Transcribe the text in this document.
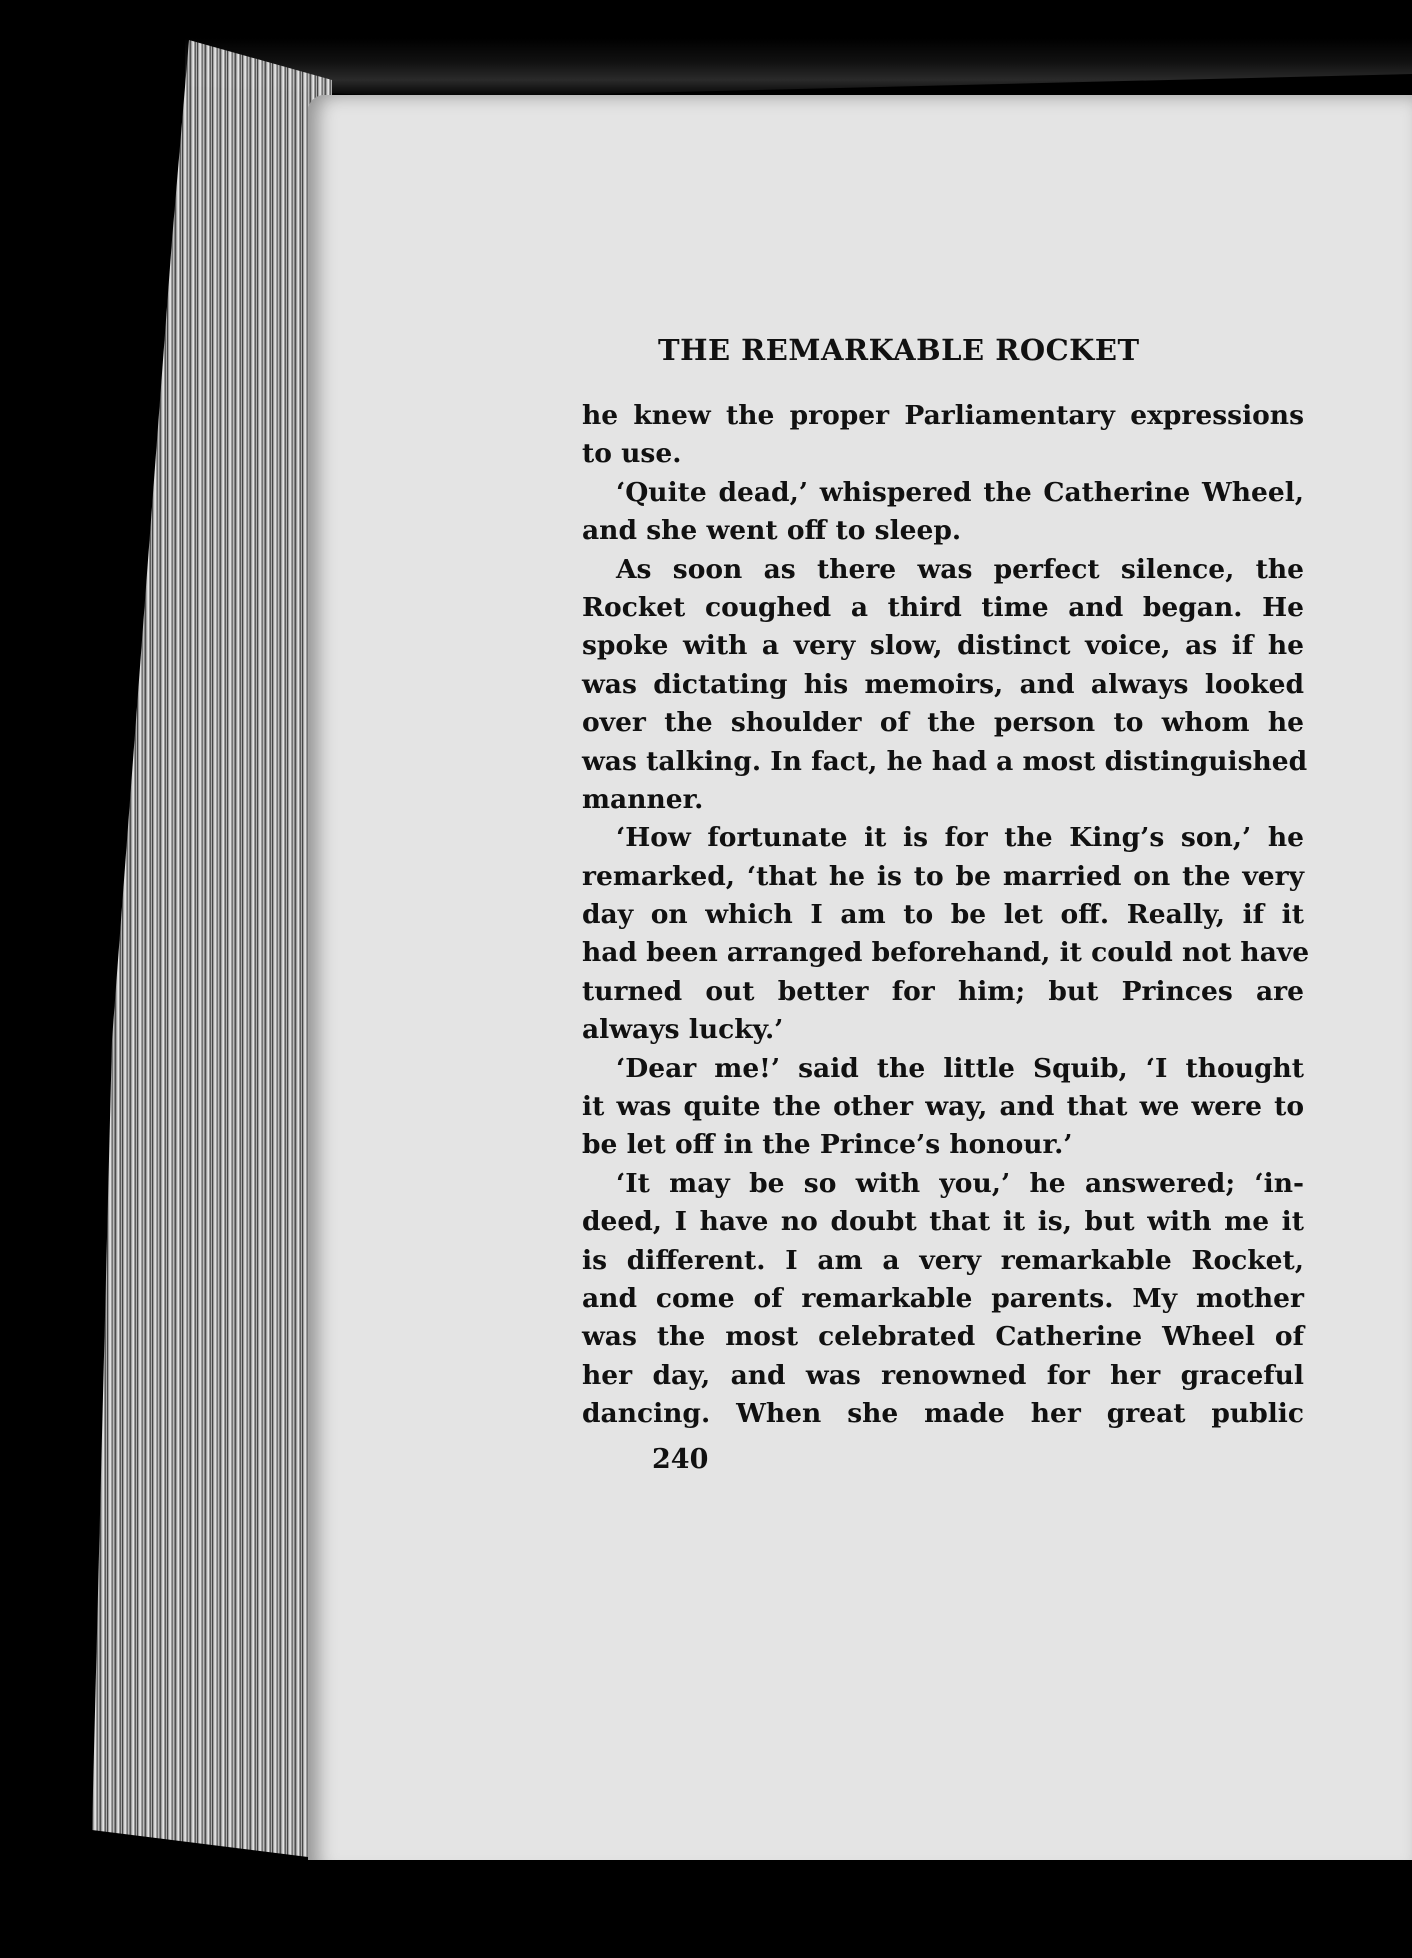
THE REMARKABLE ROCKET
he knew the proper Parliamentary expressions
to use.
‘Quite dead,’ whispered the Catherine Wheel,
and she went off to sleep.
As soon as there was perfect silence, the
Rocket coughed a third time and began. He
spoke with a very slow, distinct voice, as if he
was dictating his memoirs, and always looked
over the shoulder of the person to whom he
was talking. In fact, he had a most distinguished
manner.
‘How fortunate it is for the King’s son,’ he
remarked, ‘that he is to be married on the very
day on which I am to be let off. Really, if it
had been arranged beforehand, it could not have
turned out better for him; but Princes are
always lucky.’
‘Dear me!’ said the little Squib, ‘I thought
it was quite the other way, and that we were to
be let off in the Prince’s honour.’
‘It may be so with you,’ he answered; ‘in-
deed, I have no doubt that it is, but with me it
is different. I am a very remarkable Rocket,
and come of remarkable parents. My mother
was the most celebrated Catherine Wheel of
her day, and was renowned for her graceful
dancing. When she made her great public
240
